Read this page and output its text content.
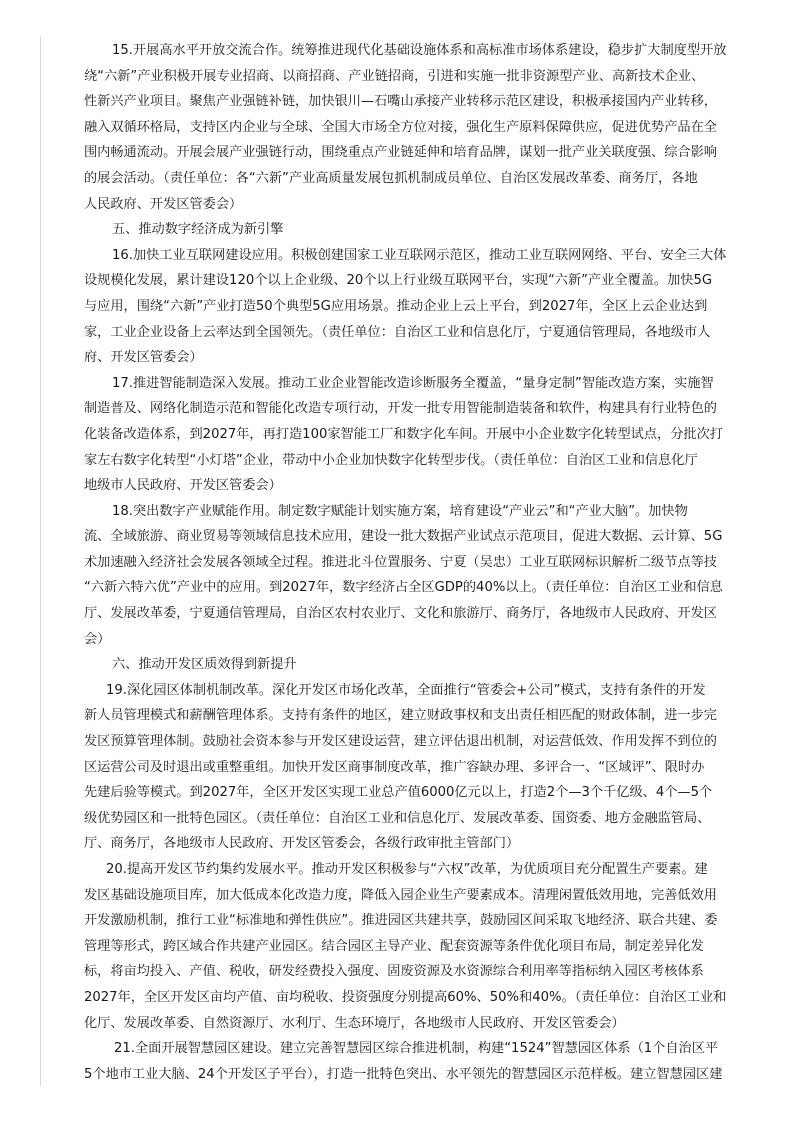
15.开展高水平开放交流合作。统筹推进现代化基础设施体系和高标准市场体系建设，稳步扩大制度型开放
绕“六新”产业积极开展专业招商、以商招商、产业链招商，引进和实施一批非资源型产业、高新技术企业、
性新兴产业项目。聚焦产业强链补链，加快银川—石嘴山承接产业转移示范区建设，积极承接国内产业转移，
融入双循环格局，支持区内企业与全球、全国大市场全方位对接，强化生产原料保障供应，促进优势产品在全
围内畅通流动。开展会展产业强链行动，围绕重点产业链延伸和培育品牌，谋划一批产业关联度强、综合影响
的展会活动。（责任单位：各“六新”产业高质量发展包抓机制成员单位、自治区发展改革委、商务厅，各地
人民政府、开发区管委会）
五、推动数字经济成为新引擎
16.加快工业互联网建设应用。积极创建国家工业互联网示范区，推动工业互联网网络、平台、安全三大体
设规模化发展，累计建设120个以上企业级、20个以上行业级互联网平台，实现“六新”产业全覆盖。加快5G
与应用，围绕“六新”产业打造50个典型5G应用场景。推动企业上云上平台，到2027年，全区上云企业达到
家，工业企业设备上云率达到全国领先。（责任单位：自治区工业和信息化厅，宁夏通信管理局，各地级市人
府、开发区管委会）
17.推进智能制造深入发展。推动工业企业智能改造诊断服务全覆盖，“量身定制”智能改造方案，实施智
制造普及、网络化制造示范和智能化改造专项行动，开发一批专用智能制造装备和软件，构建具有行业特色的
化装备改造体系，到2027年，再打造100家智能工厂和数字化车间。开展中小企业数字化转型试点，分批次打
家左右数字化转型“小灯塔”企业，带动中小企业加快数字化转型步伐。（责任单位：自治区工业和信息化厅
地级市人民政府、开发区管委会）
18.突出数字产业赋能作用。制定数字赋能计划实施方案，培育建设“产业云”和“产业大脑”。加快物
流、全域旅游、商业贸易等领域信息技术应用，建设一批大数据产业试点示范项目，促进大数据、云计算、5G
术加速融入经济社会发展各领域全过程。推进北斗位置服务、宁夏（吴忠）工业互联网标识解析二级节点等技
“六新六特六优”产业中的应用。到2027年，数字经济占全区GDP的40%以上。（责任单位：自治区工业和信息
厅、发展改革委，宁夏通信管理局，自治区农村农业厅、文化和旅游厅、商务厅，各地级市人民政府、开发区
会）
六、推动开发区质效得到新提升
19.深化园区体制机制改革。深化开发区市场化改革，全面推行“管委会+公司”模式，支持有条件的开发
新人员管理模式和薪酬管理体系。支持有条件的地区，建立财政事权和支出责任相匹配的财政体制，进一步完
发区预算管理体制。鼓励社会资本参与开发区建设运营，建立评估退出机制，对运营低效、作用发挥不到位的
区运营公司及时退出或重整重组。加快开发区商事制度改革，推广容缺办理、多评合一、“区域评”、限时办
先建后验等模式。到2027年，全区开发区实现工业总产值6000亿元以上，打造2个—3个千亿级、4个—5个
级优势园区和一批特色园区。（责任单位：自治区工业和信息化厅、发展改革委、国资委、地方金融监管局、
厅、商务厅，各地级市人民政府、开发区管委会，各级行政审批主管部门）
20.提高开发区节约集约发展水平。推动开发区积极参与“六权”改革，为优质项目充分配置生产要素。建
发区基础设施项目库，加大低成本化改造力度，降低入园企业生产要素成本。清理闲置低效用地，完善低效用
开发激励机制，推行工业“标准地和弹性供应”。推进园区共建共享，鼓励园区间采取飞地经济、联合共建、委
管理等形式，跨区域合作共建产业园区。结合园区主导产业、配套资源等条件优化项目布局，制定差异化发
标，将亩均投入、产值、税收，研发经费投入强度、固废资源及水资源综合利用率等指标纳入园区考核体系
2027年，全区开发区亩均产值、亩均税收、投资强度分别提高60%、50%和40%。（责任单位：自治区工业和
化厅、发展改革委、自然资源厅、水利厅、生态环境厅，各地级市人民政府、开发区管委会）
21.全面开展智慧园区建设。建立完善智慧园区综合推进机制，构建“1524”智慧园区体系（1个自治区平
5个地市工业大脑、24个开发区子平台），打造一批特色突出、水平领先的智慧园区示范样板。建立智慧园区建
